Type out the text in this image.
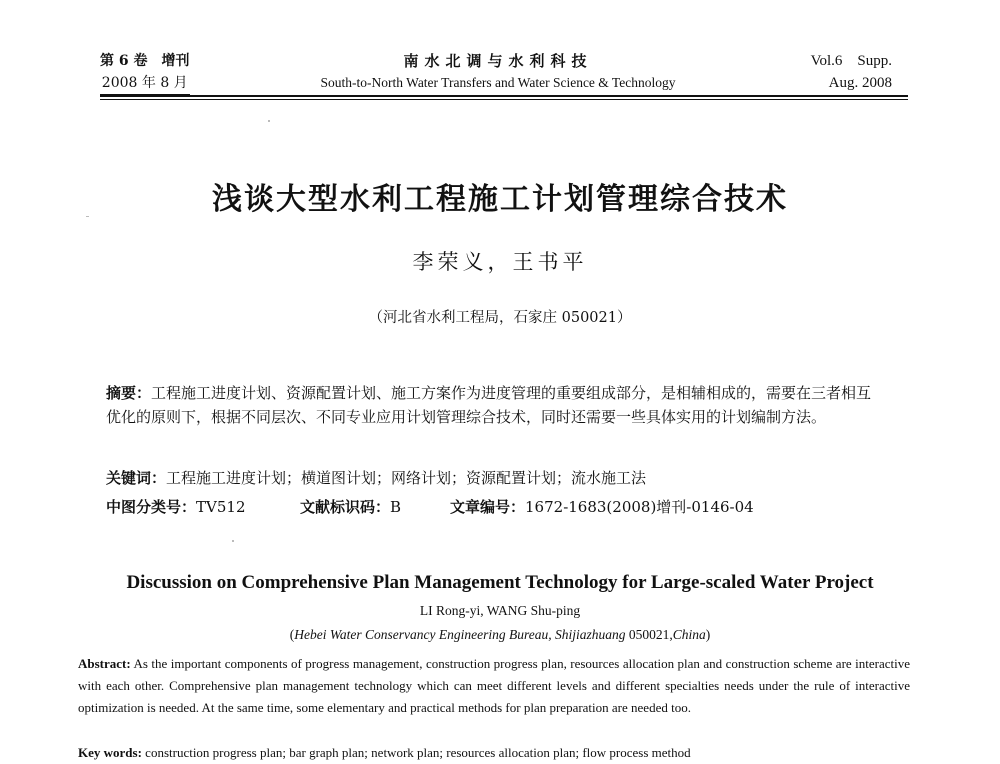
第 6 卷　增刊
2008 年 8 月
南水北调与水利科技
South-to-North Water Transfers and Water Science & Technology
Vol.6　Supp.
Aug. 2008
浅谈大型水利工程施工计划管理综合技术
李荣义，王书平
（河北省水利工程局，石家庄 050021）
摘要：工程施工进度计划、资源配置计划、施工方案作为进度管理的重要组成部分，是相辅相成的，需要在三者相互优化的原则下，根据不同层次、不同专业应用计划管理综合技术，同时还需要一些具体实用的计划编制方法。
关键词：工程施工进度计划；横道图计划；网络计划；资源配置计划；流水施工法
中图分类号：TV512	文献标识码：B	文章编号：1672-1683(2008)增刊-0146-04
Discussion on Comprehensive Plan Management Technology for Large-scaled Water Project
LI Rong-yi, WANG Shu-ping
(Hebei Water Conservancy Engineering Bureau, Shijiazhuang 050021,China)
Abstract: As the important components of progress management, construction progress plan, resources allocation plan and construction scheme are interactive with each other. Comprehensive plan management technology which can meet different levels and different specialties needs under the rule of interactive optimization is needed. At the same time, some elementary and practical methods for plan preparation are needed too.
Key words: construction progress plan; bar graph plan; network plan; resources allocation plan; flow process method
